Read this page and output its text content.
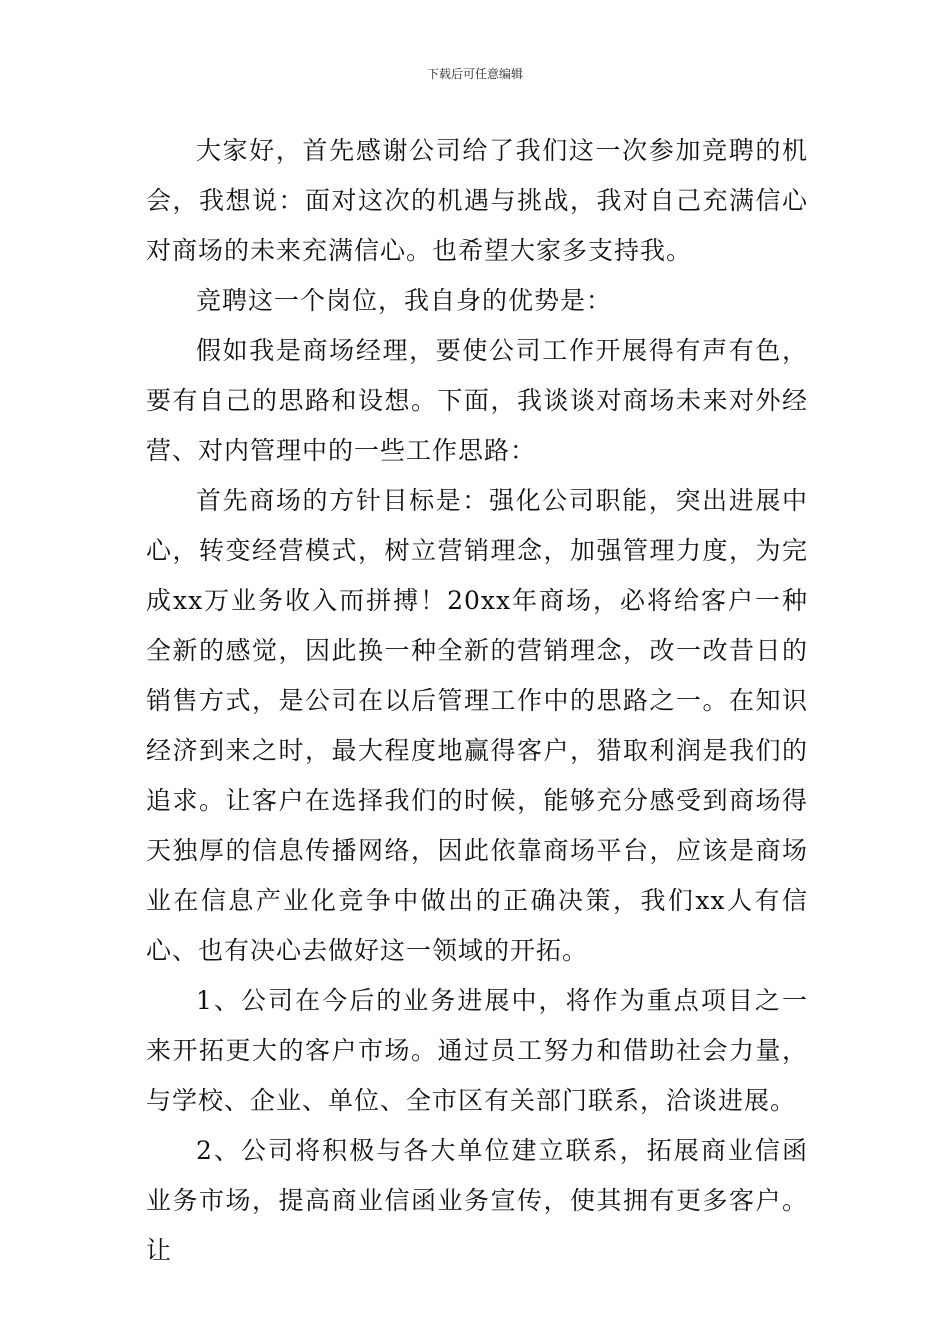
下载后可任意编辑

大家好，首先感谢公司给了我们这一次参加竞聘的机会，我想说：面对这次的机遇与挑战，我对自己充满信心对商场的未来充满信心。也希望大家多支持我。

竞聘这一个岗位，我自身的优势是：

假如我是商场经理，要使公司工作开展得有声有色，要有自己的思路和设想。下面，我谈谈对商场未来对外经营、对内管理中的一些工作思路：

首先商场的方针目标是：强化公司职能，突出进展中心，转变经营模式，树立营销理念，加强管理力度，为完成xx万业务收入而拼搏！20xx年商场，必将给客户一种全新的感觉，因此换一种全新的营销理念，改一改昔日的销售方式，是公司在以后管理工作中的思路之一。在知识经济到来之时，最大程度地赢得客户，猎取利润是我们的追求。让客户在选择我们的时候，能够充分感受到商场得天独厚的信息传播网络，因此依靠商场平台，应该是商场业在信息产业化竞争中做出的正确决策，我们xx人有信心、也有决心去做好这一领域的开拓。

1、公司在今后的业务进展中，将作为重点项目之一来开拓更大的客户市场。通过员工努力和借助社会力量，与学校、企业、单位、全市区有关部门联系，洽谈进展。

2、公司将积极与各大单位建立联系，拓展商业信函业务市场，提高商业信函业务宣传，使其拥有更多客户。让
